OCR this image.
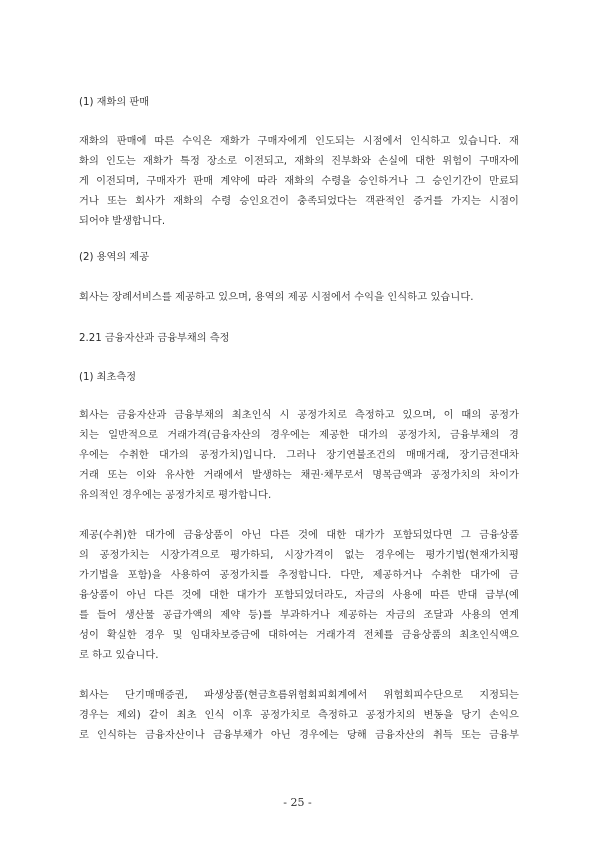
(1) 재화의 판매
재화의 판매에 따른 수익은 재화가 구매자에게 인도되는 시점에서 인식하고 있습니다. 재
화의 인도는 재화가 특정 장소로 이전되고, 재화의 진부화와 손실에 대한 위험이 구매자에
게 이전되며, 구매자가 판매 계약에 따라 재화의 수령을 승인하거나 그 승인기간이 만료되
거나 또는 회사가 재화의 수령 승인요건이 충족되었다는 객관적인 증거를 가지는 시점이
되어야 발생합니다.
(2) 용역의 제공
회사는 장례서비스를 제공하고 있으며, 용역의 제공 시점에서 수익을 인식하고 있습니다.
2.21 금융자산과 금융부채의 측정
(1) 최초측정
회사는 금융자산과 금융부채의 최초인식 시 공정가치로 측정하고 있으며, 이 때의 공정가
치는 일반적으로 거래가격(금융자산의 경우에는 제공한 대가의 공정가치, 금융부채의 경
우에는 수취한 대가의 공정가치)입니다. 그러나 장기연불조건의 매매거래, 장기금전대차
거래 또는 이와 유사한 거래에서 발생하는 채권·채무로서 명목금액과 공정가치의 차이가
유의적인 경우에는 공정가치로 평가합니다.
제공(수취)한 대가에 금융상품이 아닌 다른 것에 대한 대가가 포함되었다면 그 금융상품
의 공정가치는 시장가격으로 평가하되, 시장가격이 없는 경우에는 평가기법(현재가치평
가기법을 포함)을 사용하여 공정가치를 추정합니다. 다만, 제공하거나 수취한 대가에 금
융상품이 아닌 다른 것에 대한 대가가 포함되었더라도, 자금의 사용에 따른 반대 급부(예
를 들어 생산물 공급가액의 제약 등)를 부과하거나 제공하는 자금의 조달과 사용의 연계
성이 확실한 경우 및 임대차보증금에 대하여는 거래가격 전체를 금융상품의 최초인식액으
로 하고 있습니다.
회사는 단기매매증권, 파생상품(현금흐름위험회피회계에서 위험회피수단으로 지정되는
경우는 제외) 같이 최초 인식 이후 공정가치로 측정하고 공정가치의 변동을 당기 손익으
로 인식하는 금융자산이나 금융부채가 아닌 경우에는 당해 금융자산의 취득 또는 금융부
- 25 -
